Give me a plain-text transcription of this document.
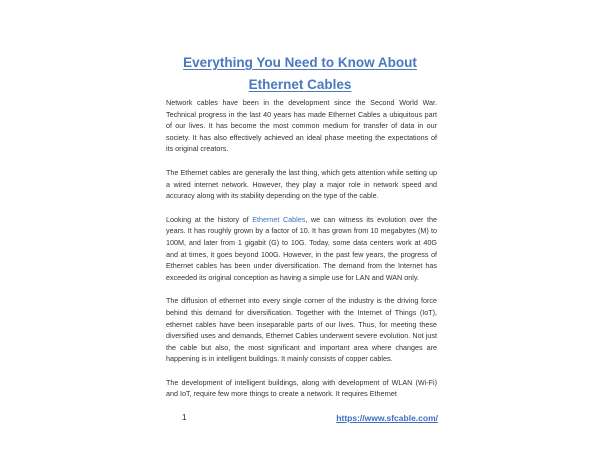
Everything You Need to Know About
Ethernet Cables

Network cables have been in the development since the Second World War. Technical progress in the last 40 years has made Ethernet Cables a ubiquitous part of our lives. It has become the most common medium for transfer of data in our society. It has also effectively achieved an ideal phase meeting the expectations of its original creators.

The Ethernet cables are generally the last thing, which gets attention while setting up a wired internet network. However, they play a major role in network speed and accuracy along with its stability depending on the type of the cable.

Looking at the history of Ethernet Cables, we can witness its evolution over the years. It has roughly grown by a factor of 10. It has grown from 10 megabytes (M) to 100M, and later from 1 gigabit (G) to 10G. Today, some data centers work at 40G and at times, it goes beyond 100G. However, in the past few years, the progress of Ethernet cables has been under diversification. The demand from the Internet has exceeded its original conception as having a simple use for LAN and WAN only.

The diffusion of ethernet into every single corner of the industry is the driving force behind this demand for diversification. Together with the Internet of Things (IoT), ethernet cables have been inseparable parts of our lives. Thus, for meeting these diversified uses and demands, Ethernet Cables underwent severe evolution. Not just the cable but also, the most significant and important area where changes are happening is in intelligent buildings. It mainly consists of copper cables.

The development of intelligent buildings, along with development of WLAN (Wi-Fi) and IoT, require few more things to create a network. It requires Ethernet

1	https://www.sfcable.com/
